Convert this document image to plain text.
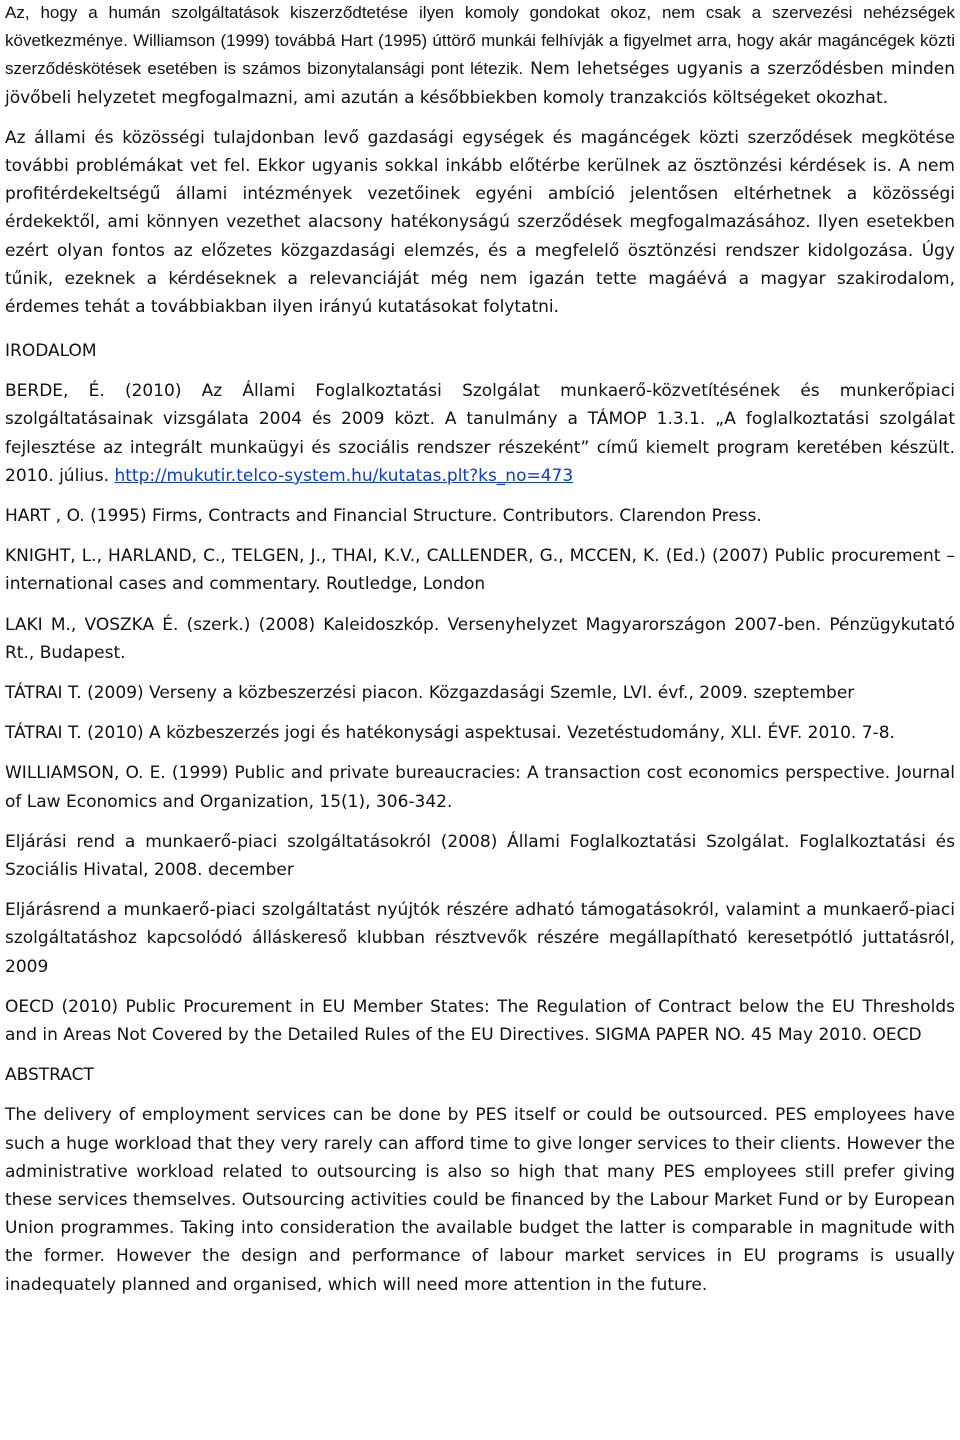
Az, hogy a humán szolgáltatások kiszerződtetése ilyen komoly gondokat okoz, nem csak a szervezési nehézségek következménye. Williamson (1999) továbbá Hart (1995) úttörő munkái felhívják a figyelmet arra, hogy akár magáncégek közti szerződéskötések esetében is számos bizonytalansági pont létezik. Nem lehetséges ugyanis a szerződésben minden jövőbeli helyzetet megfogalmazni, ami azután a későbbiekben komoly tranzakciós költségeket okozhat.

Az állami és közösségi tulajdonban levő gazdasági egységek és magáncégek közti szerződések megkötése további problémákat vet fel. Ekkor ugyanis sokkal inkább előtérbe kerülnek az ösztönzési kérdések is. A nem profitérdekeltségű állami intézmények vezetőinek egyéni ambíció jelentősen eltérhetnek a közösségi érdekektől, ami könnyen vezethet alacsony hatékonyságú szerződések megfogalmazásához. Ilyen esetekben ezért olyan fontos az előzetes közgazdasági elemzés, és a megfelelő ösztönzési rendszer kidolgozása. Úgy tűnik, ezeknek a kérdéseknek a relevanciáját még nem igazán tette magáévá a magyar szakirodalom, érdemes tehát a továbbiakban ilyen irányú kutatásokat folytatni.

IRODALOM

BERDE, É. (2010) Az Állami Foglalkoztatási Szolgálat munkaerő-közvetítésének és munkerőpiaci szolgáltatásainak vizsgálata 2004 és 2009 közt. A tanulmány a TÁMOP 1.3.1. „A foglalkoztatási szolgálat fejlesztése az integrált munkaügyi és szociális rendszer részeként” című kiemelt program keretében készült. 2010. július. http://mukutir.telco-system.hu/kutatas.plt?ks_no=473

HART , O. (1995) Firms, Contracts and Financial Structure. Contributors. Clarendon Press.

KNIGHT, L., HARLAND, C., TELGEN, J., THAI, K.V., CALLENDER, G., MCCEN, K. (Ed.) (2007) Public procurement – international cases and commentary. Routledge, London

LAKI M., VOSZKA É. (szerk.) (2008) Kaleidoszkóp. Versenyhelyzet Magyarországon 2007-ben. Pénzügykutató Rt., Budapest.

TÁTRAI T. (2009) Verseny a közbeszerzési piacon. Közgazdasági Szemle, LVI. évf., 2009. szeptember

TÁTRAI T. (2010) A közbeszerzés jogi és hatékonysági aspektusai. Vezetéstudomány, XLI. ÉVF. 2010. 7-8.

WILLIAMSON, O. E. (1999) Public and private bureaucracies: A transaction cost economics perspective. Journal of Law Economics and Organization, 15(1), 306-342.

Eljárási rend a munkaerő-piaci szolgáltatásokról (2008) Állami Foglalkoztatási Szolgálat. Foglalkoztatási és Szociális Hivatal, 2008. december

Eljárásrend a munkaerő-piaci szolgáltatást nyújtók részére adható támogatásokról, valamint a munkaerő-piaci szolgáltatáshoz kapcsolódó álláskereső klubban résztvevők részére megállapítható keresetpótló juttatásról, 2009

OECD (2010) Public Procurement in EU Member States: The Regulation of Contract below the EU Thresholds and in Areas Not Covered by the Detailed Rules of the EU Directives. SIGMA PAPER NO. 45 May 2010. OECD

ABSTRACT

The delivery of employment services can be done by PES itself or could be outsourced. PES employees have such a huge workload that they very rarely can afford time to give longer services to their clients. However the administrative workload related to outsourcing is also so high that many PES employees still prefer giving these services themselves. Outsourcing activities could be financed by the Labour Market Fund or by European Union programmes. Taking into consideration the available budget the latter is comparable in magnitude with the former. However the design and performance of labour market services in EU programs is usually inadequately planned and organised, which will need more attention in the future.
